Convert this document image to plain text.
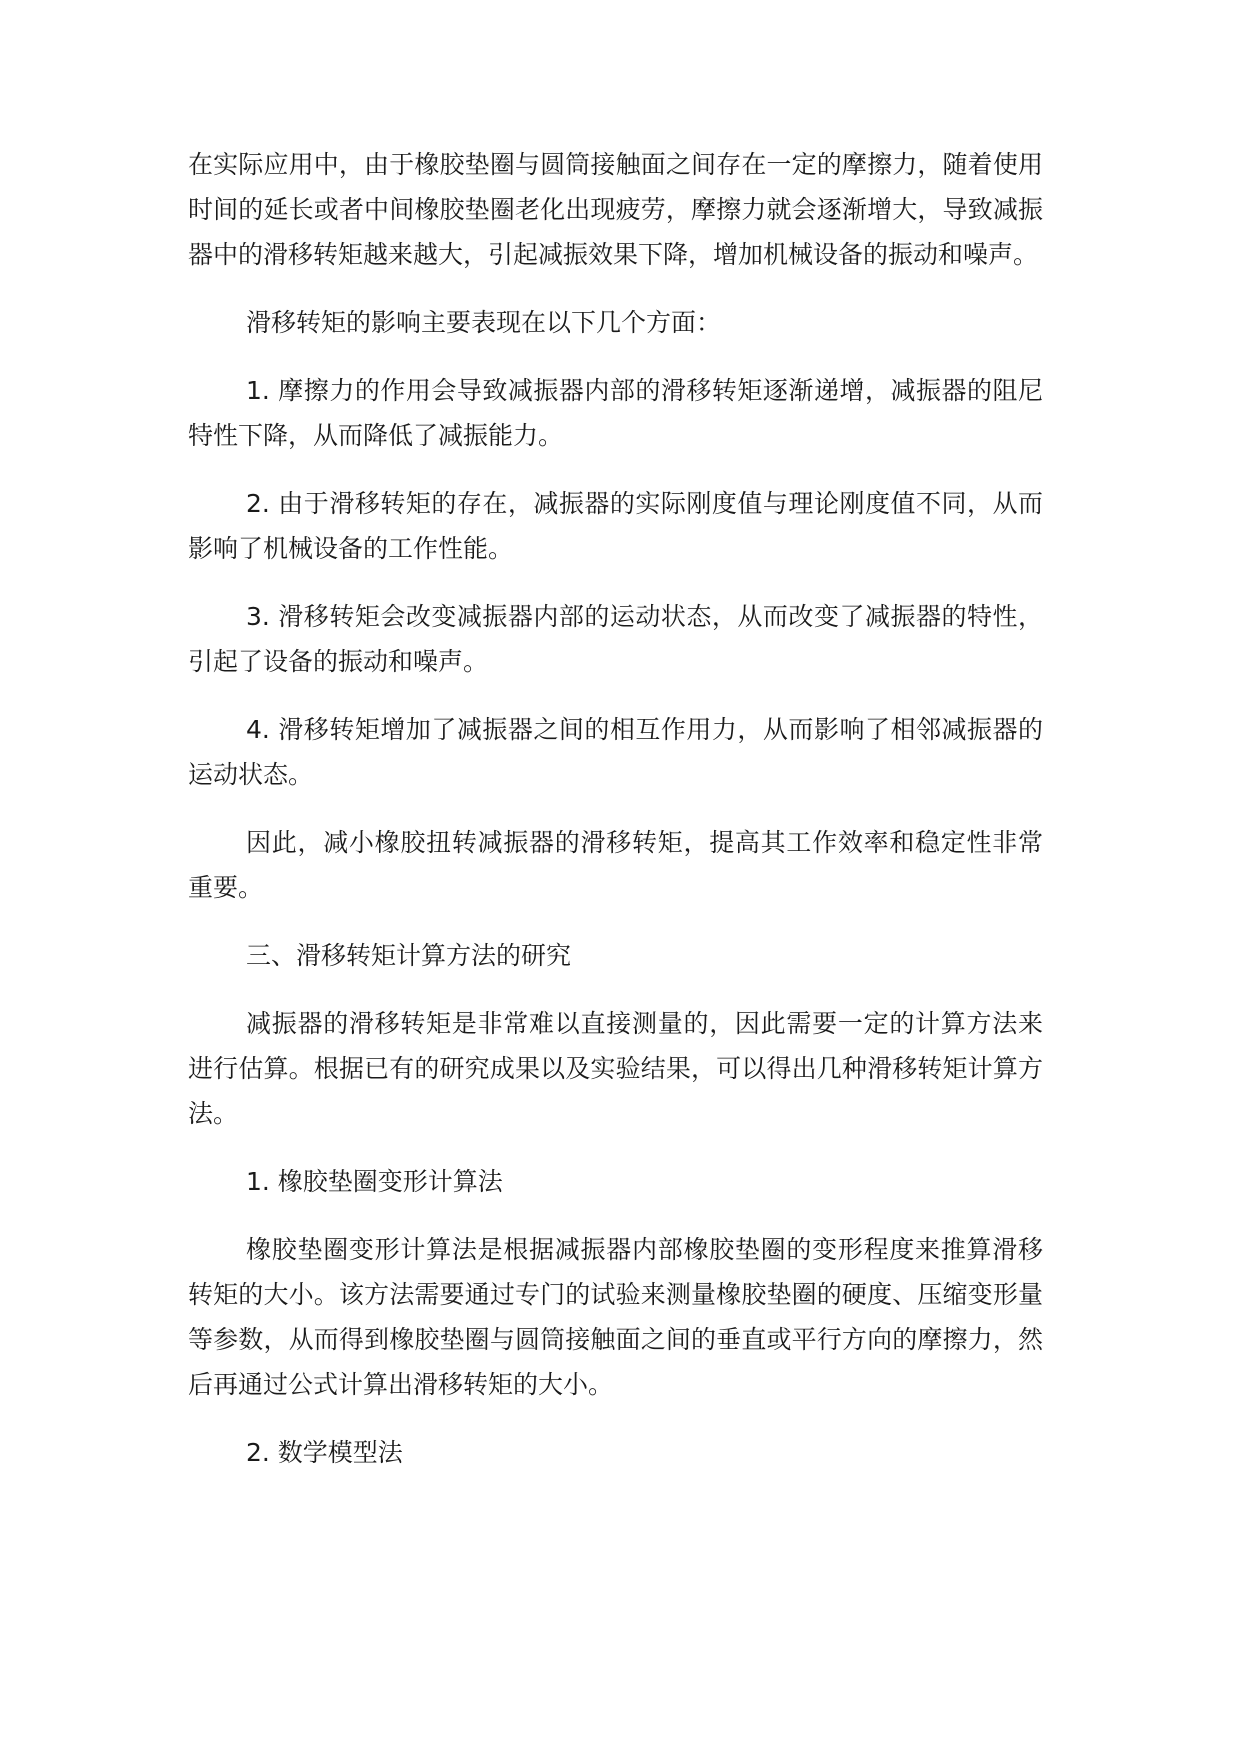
在实际应用中，由于橡胶垫圈与圆筒接触面之间存在一定的摩擦力，随着使用时间的延长或者中间橡胶垫圈老化出现疲劳，摩擦力就会逐渐增大，导致减振器中的滑移转矩越来越大，引起减振效果下降，增加机械设备的振动和噪声。

滑移转矩的影响主要表现在以下几个方面：

1. 摩擦力的作用会导致减振器内部的滑移转矩逐渐递增，减振器的阻尼特性下降，从而降低了减振能力。

2. 由于滑移转矩的存在，减振器的实际刚度值与理论刚度值不同，从而影响了机械设备的工作性能。

3. 滑移转矩会改变减振器内部的运动状态，从而改变了减振器的特性，引起了设备的振动和噪声。

4. 滑移转矩增加了减振器之间的相互作用力，从而影响了相邻减振器的运动状态。

因此，减小橡胶扭转减振器的滑移转矩，提高其工作效率和稳定性非常重要。

三、滑移转矩计算方法的研究

减振器的滑移转矩是非常难以直接测量的，因此需要一定的计算方法来进行估算。根据已有的研究成果以及实验结果，可以得出几种滑移转矩计算方法。

1. 橡胶垫圈变形计算法

橡胶垫圈变形计算法是根据减振器内部橡胶垫圈的变形程度来推算滑移转矩的大小。该方法需要通过专门的试验来测量橡胶垫圈的硬度、压缩变形量等参数，从而得到橡胶垫圈与圆筒接触面之间的垂直或平行方向的摩擦力，然后再通过公式计算出滑移转矩的大小。

2. 数学模型法
